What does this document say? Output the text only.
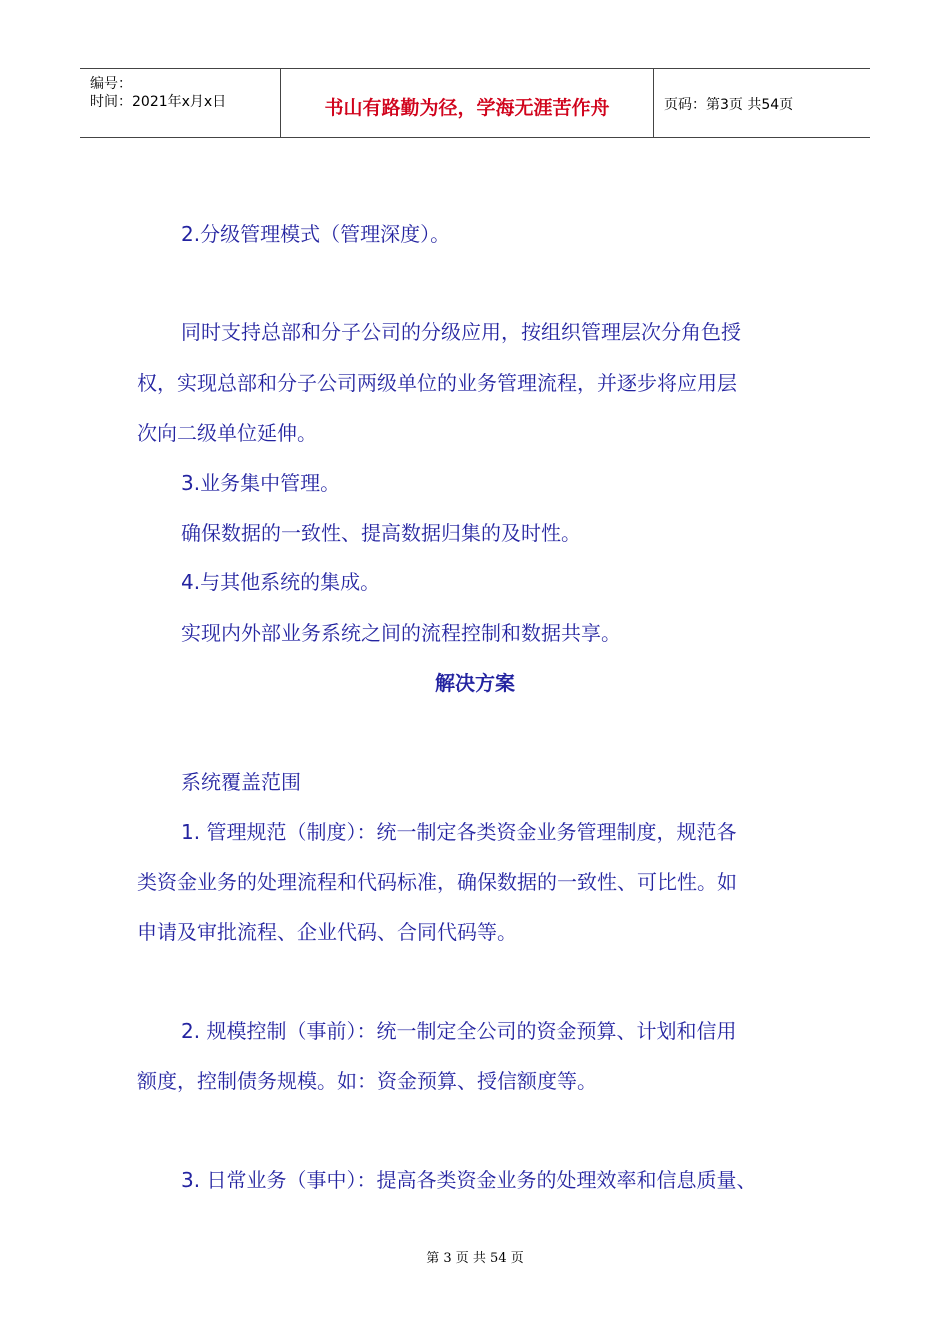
编号：
时间：2021年x月x日	书山有路勤为径，学海无涯苦作舟	页码：第3页 共54页
2.分级管理模式（管理深度）。
同时支持总部和分子公司的分级应用，按组织管理层次分角色授
权，实现总部和分子公司两级单位的业务管理流程，并逐步将应用层
次向二级单位延伸。
3.业务集中管理。
确保数据的一致性、提高数据归集的及时性。
4.与其他系统的集成。
实现内外部业务系统之间的流程控制和数据共享。
解决方案
系统覆盖范围
1. 管理规范（制度）：统一制定各类资金业务管理制度，规范各
类资金业务的处理流程和代码标准，确保数据的一致性、可比性。如
申请及审批流程、企业代码、合同代码等。
2. 规模控制（事前）：统一制定全公司的资金预算、计划和信用
额度，控制债务规模。如：资金预算、授信额度等。
3. 日常业务（事中）：提高各类资金业务的处理效率和信息质量、
第 3 页 共 54 页
